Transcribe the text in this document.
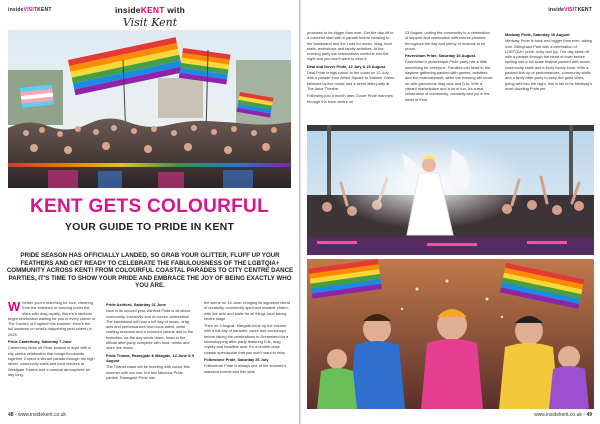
insideVISITKENT	insideKENT with
Visit Kent
KENT GETS COLOURFUL
YOUR GUIDE TO PRIDE IN KENT
PRIDE SEASON HAS OFFICIALLY LANDED, SO GRAB YOUR GLITTER, FLUFF UP YOUR FEATHERS AND GET READY TO CELEBRATE THE FABULOUSNESS OF THE LGBTQIA+ COMMUNITY ACROSS KENT! FROM COLOURFUL COASTAL PARADES TO CITY CENTRE DANCE PARTIES, IT'S TIME TO SHOW YOUR PRIDE AND EMBRACE THE JOY OF BEING EXACTLY WHO YOU ARE.

Whether you're marching for love, cheering from the sidelines or dancing under the stars with drag royalty, there's a rainbow-bright celebration waiting for you in every corner of The Garden of England this summer. Here's the full lowdown on what's happening (and where) in 2025.

Pride Canterbury, Saturday 7 June

Canterbury kicks off Pride season in style with a city centre celebration that brings thousands together. Expect a vibrant parade through the high street, community stalls and food vendors at Westgate Towers and a carnival atmosphere all day long.

Pride Ashford, Saturday 21 June

Now in its second year, Ashford Pride is all about community, inclusivity and of course celebration! The bandstand will host a full day of music, drag acts and performances from local talent, while crafting sessions and a colourful parade add to the festivities. As the day winds down, head to the official after-party complete with food, drinks and more live music.

Pride Thanet, Ramsgate & Margate, 14 June & 9 August

The Thanet coast will be bursting with colour this summer with not one, but two fabulous Pride parties. Ramsgate Pride hits

the scene on 14 June, bringing its signature blend of creativity, community spirit and seaside charm, with live acts and stalls for all things local taking centre stage.

Then on 9 August, Margate turns up the volume with a full day of parades, raves and workshops before taking the celebrations to Dreamland for a showstopping after-party featuring DJs, drag royalty and headline acts. It's a double-dose coastal spectacular that you won't want to miss.

Folkestone Pride, Saturday 26 July

Folkestone Pride is always one of the summer's standout events and this year

48 • www.insidekent.co.uk
insideVISITKENT

promises to be bigger than ever. Get the day off to a colourful start with a parade before heading to the bandstand and the Leas for music, drag, food stalls, workshops and family activities. At the evening party the celebrations continue into the night and you won't want to miss it.

Deal and Dover Pride, 12 July & 23 August

Deal Pride brings colour to the coast on 12 July with a parade from Alfred Square to Walmer Green followed by live music and a street after-party at The Astor Theatre.

Following just a month later, Dover Pride marches through the town centre on

23 August, uniting the community in a celebration of support and celebration with events planned throughout the day and plenty of reasons to be proud.

Faversham Pride, Saturday 16 August

Faversham's picturesque Pride party has a little something for everyone. Families can head to the daytime gathering packed with games, activities and live entertainment, while the evening will move on with glamorous drag acts and DJs. With a vibrant marketplace and a lot of fun, it's a real celebration of community, creativity and joy in the heart of Kent.

Medway Pride, Saturday 16 August

Medway Pride is back and bigger than ever, taking over Gillingham Park with a celebration of LGBTQIA+ pride, unity and joy. The day kicks off with a parade through the heart of town before spilling into a full-scale festival packed with music, community stalls and a lively family zone. With a packed line-up of performances, community stalls and a lively after-party to keep the good vibes going well into the night, this is set to be Medway's most dazzling Pride yet.

www.insidekent.co.uk • 49
